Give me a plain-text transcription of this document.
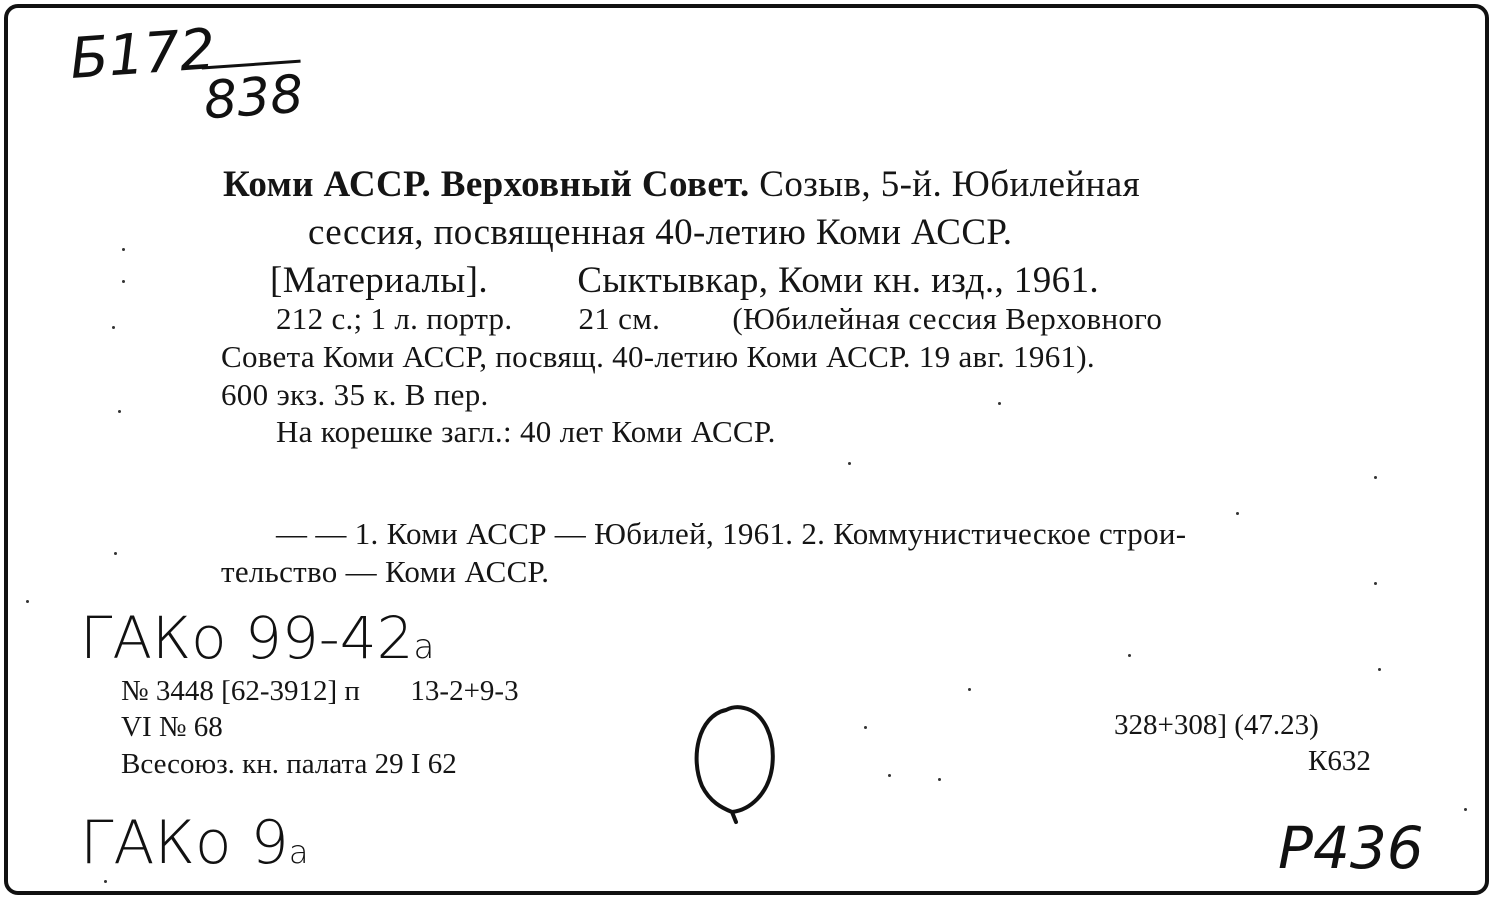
Б172
838
Коми АССР. Верховный Совет. Созыв, 5-й. Юбилейная
сессия, посвященная 40-летию Коми АССР.
[Материалы]. Сыктывкар, Коми кн. изд., 1961.
212 с.; 1 л. портр. 21 см. (Юбилейная сессия Верховного
Совета Коми АССР, посвящ. 40-летию Коми АССР. 19 авг. 1961).
600 экз. 35 к. В пер.
На корешке загл.: 40 лет Коми АССР.
— — 1. Коми АССР — Юбилей, 1961. 2. Коммунистическое строи-
тельство — Коми АССР.
ГАКо 99-42а
№ 3448 [62-3912] п 13-2+9-3
VI № 68
Всесоюз. кн. палата 29 I 62
328+308] (47.23)
К632
ГАКо 9а	Р436
